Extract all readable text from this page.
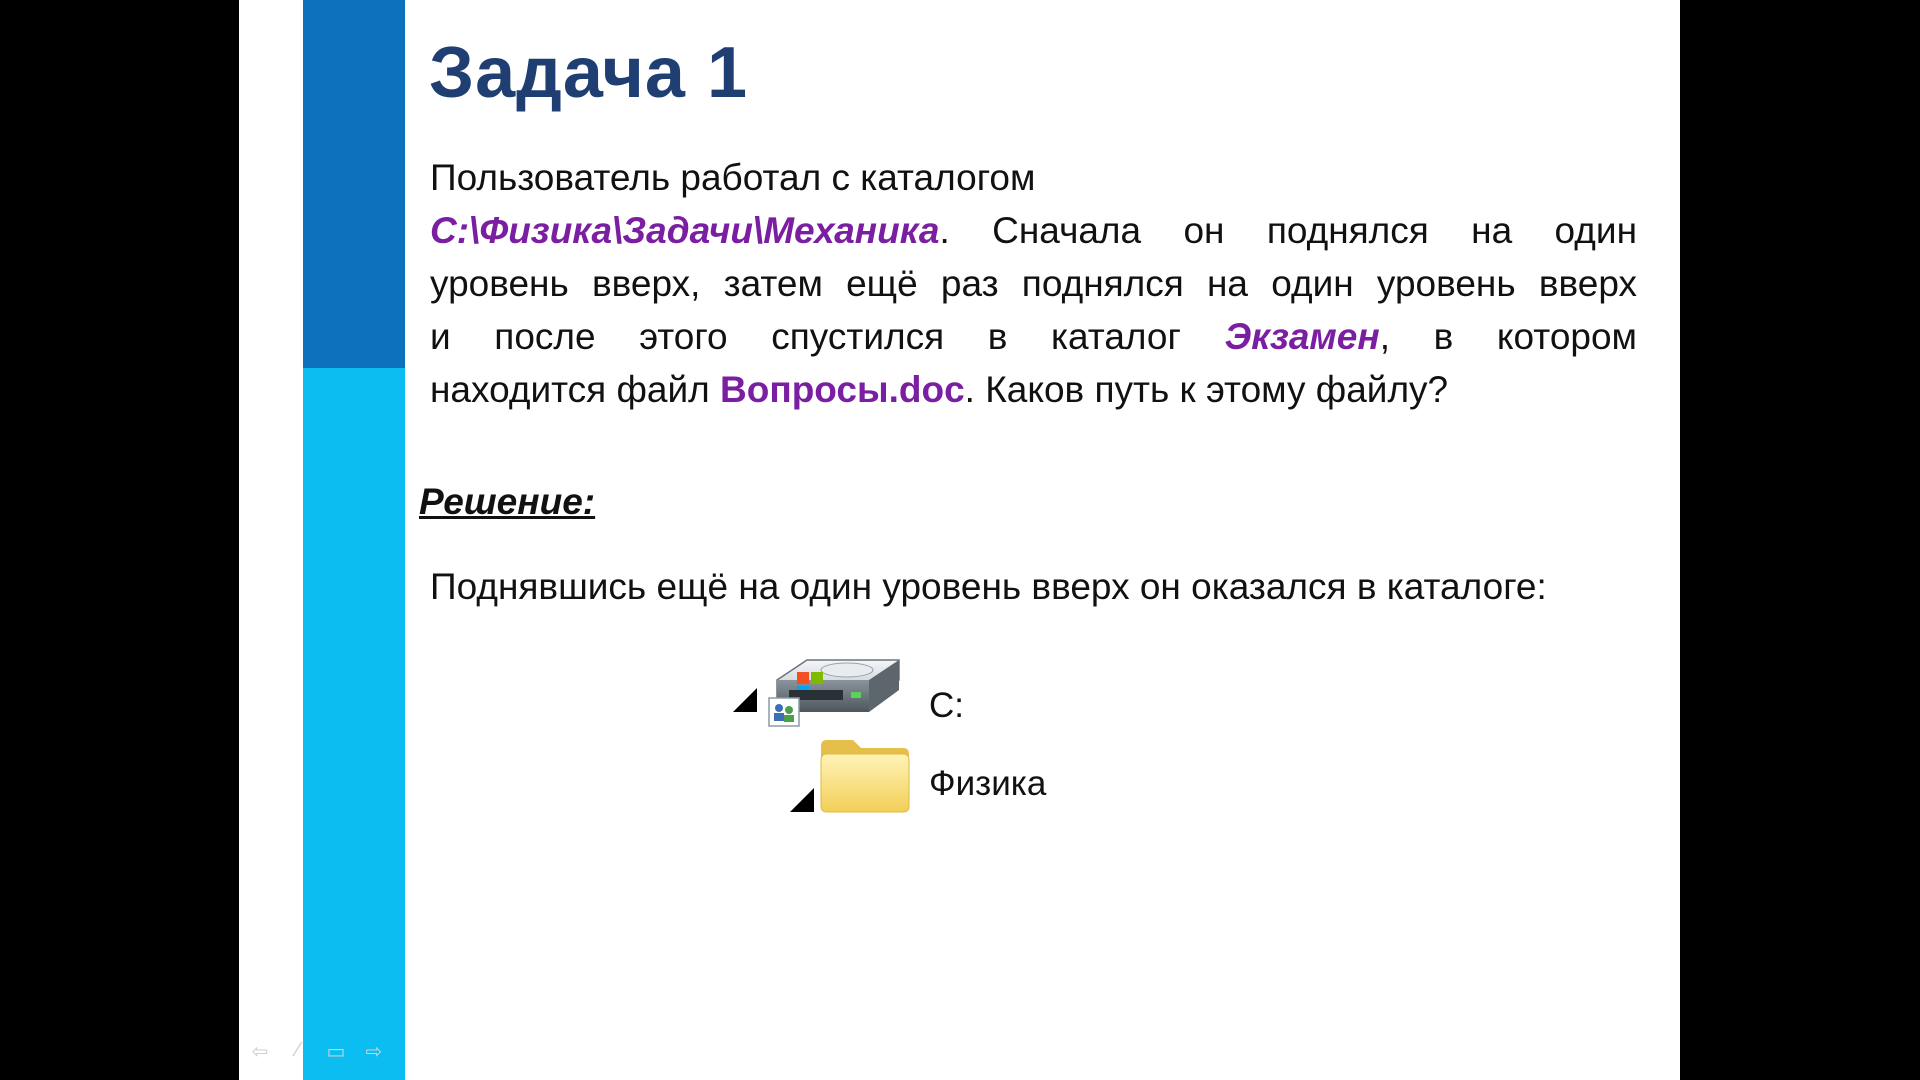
Задача 1
Пользователь работал с каталогом
С:\Физика\Задачи\Механика. Сначала он поднялся на один
уровень вверх, затем ещё раз поднялся на один уровень вверх
и после этого спустился в каталог Экзамен, в котором
находится файл Вопросы.doc. Каков путь к этому файлу?
Решение:
Поднявшись ещё на один уровень вверх он оказался в каталоге:
С:
Физика
⇦	⁄	▭ ⇨
